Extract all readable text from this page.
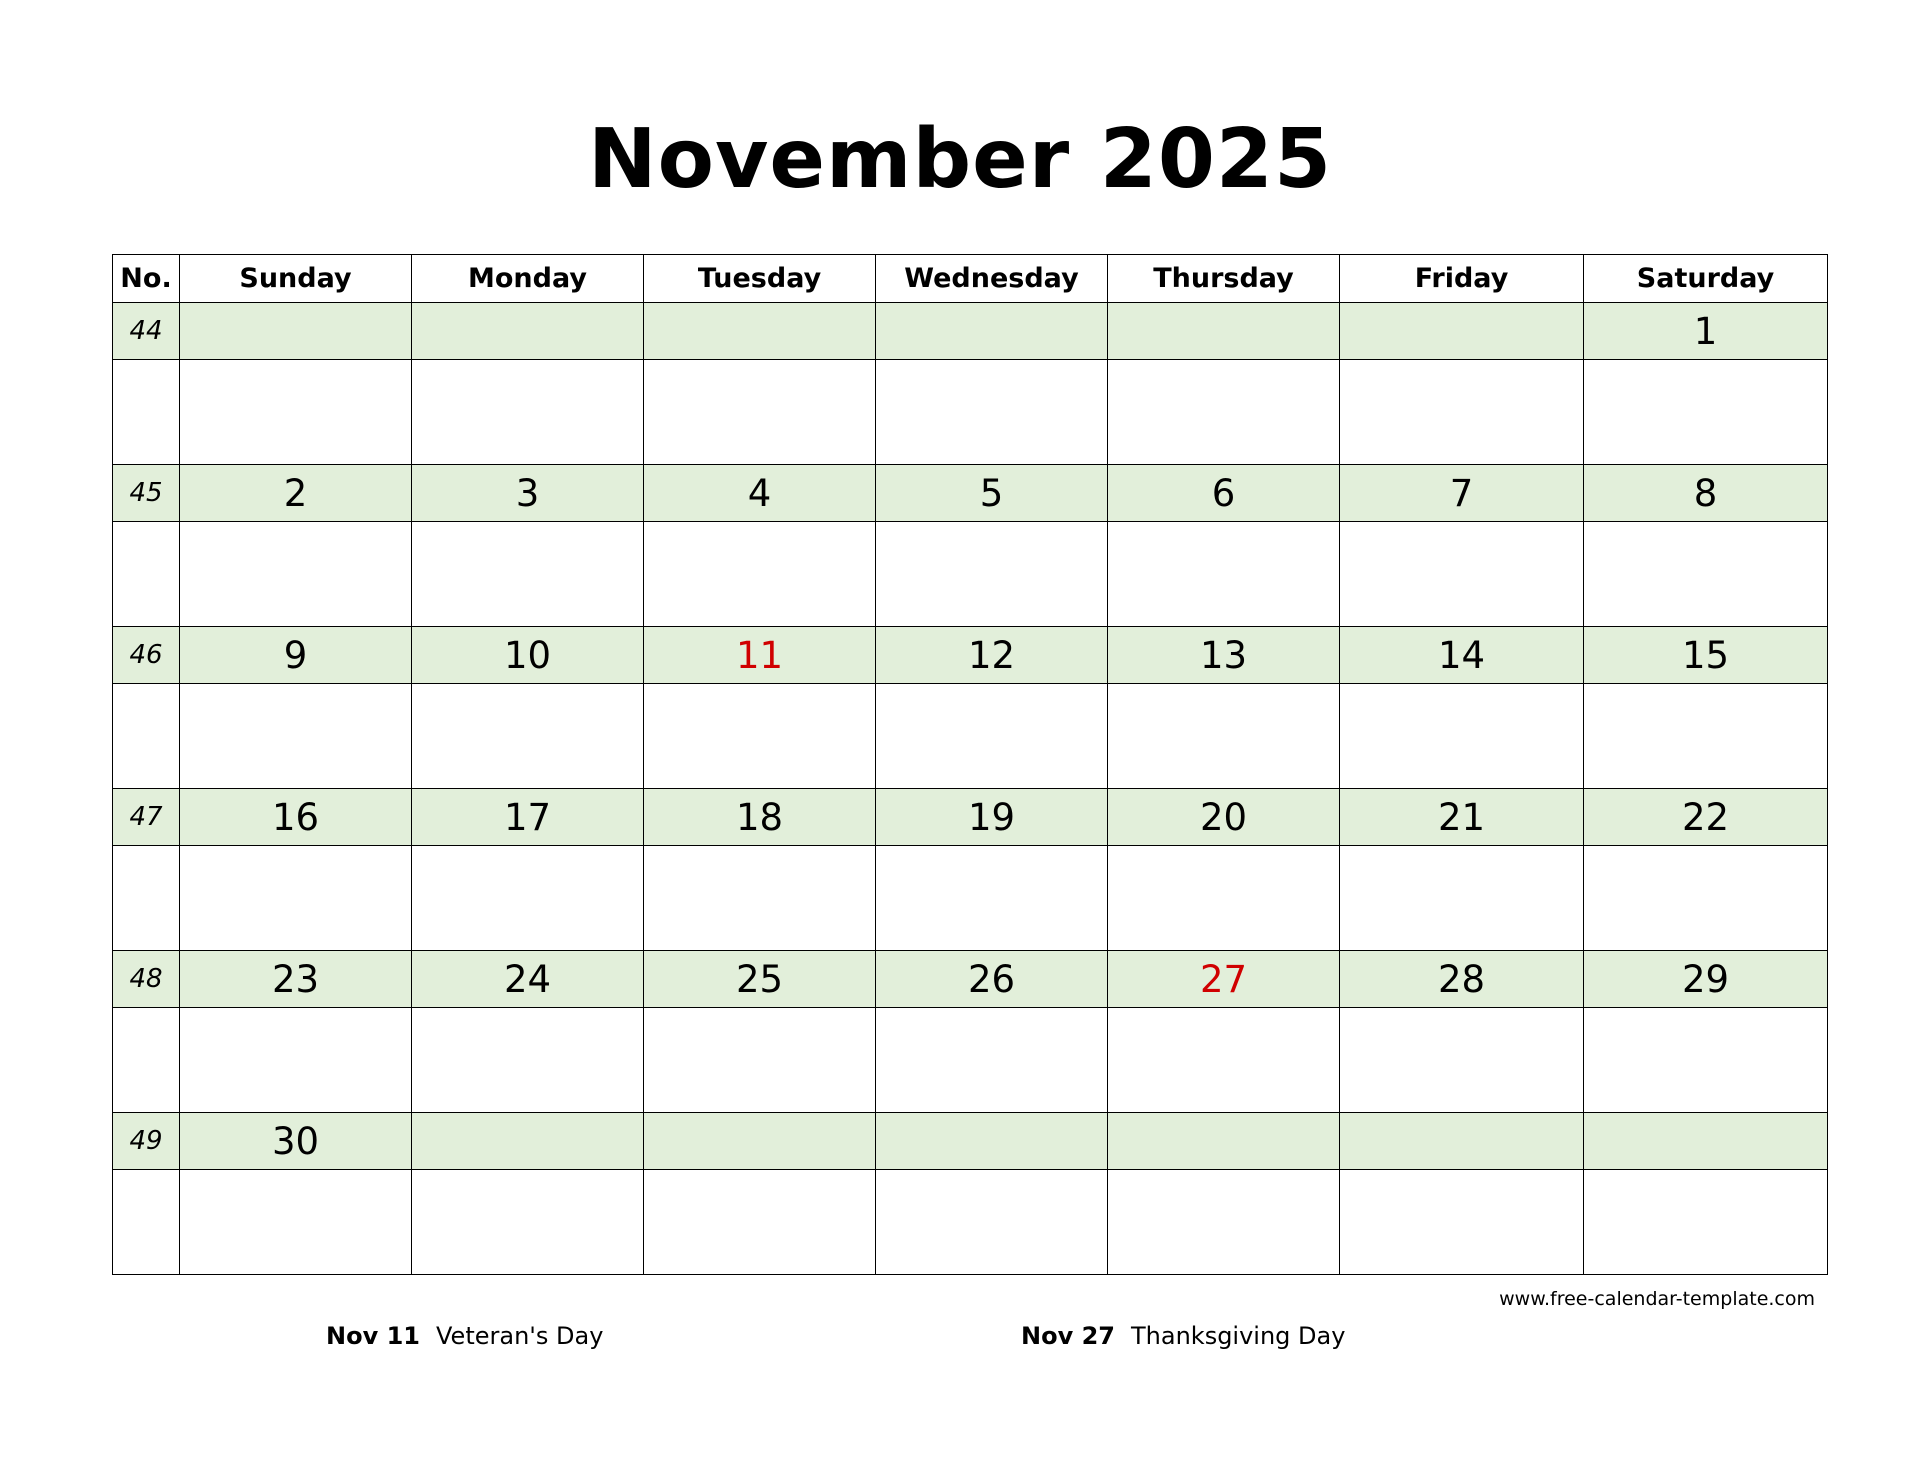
November 2025
No.	Sunday	Monday	Tuesday	Wednesday	Thursday	Friday	Saturday
44							1

45	2	3	4	5	6	7	8

46	9	10	11	12	13	14	15

47	16	17	18	19	20	21	22

48	23	24	25	26	27	28	29

49	30						

www.free-calendar-template.com
Nov 11 Veteran's Day	Nov 27 Thanksgiving Day
